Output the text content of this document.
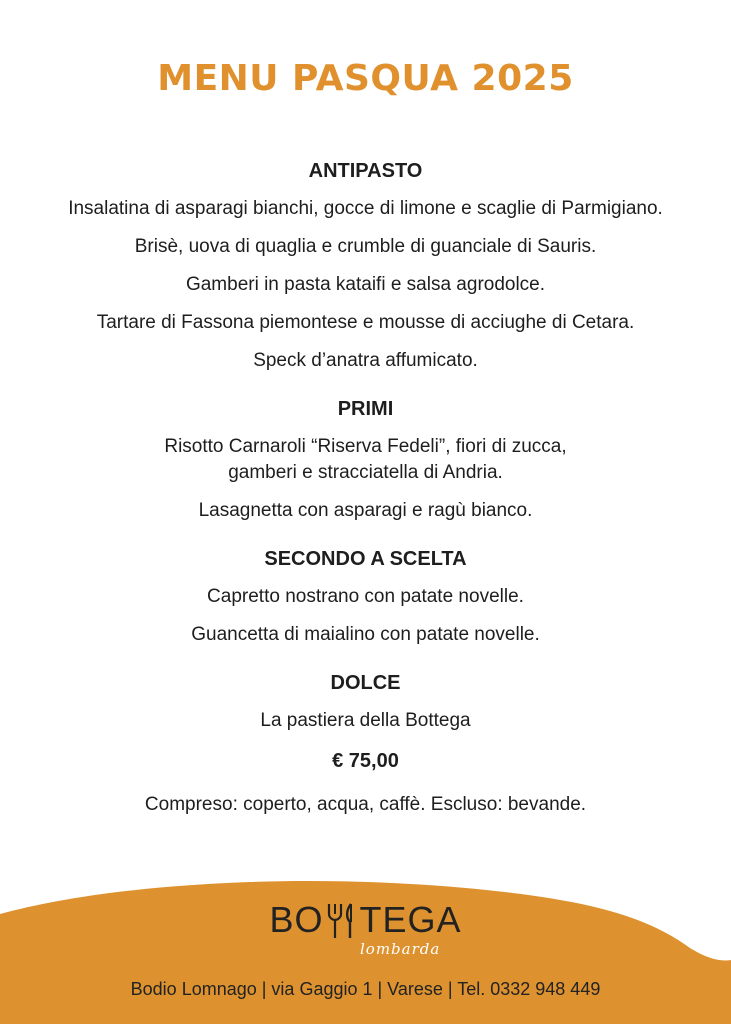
MENU PASQUA 2025
ANTIPASTO
Insalatina di asparagi bianchi, gocce di limone e scaglie di Parmigiano.
Brisè, uova di quaglia e crumble di guanciale di Sauris.
Gamberi in pasta kataifi e salsa agrodolce.
Tartare di Fassona piemontese e mousse di acciughe di Cetara.
Speck d’anatra affumicato.
PRIMI
Risotto Carnaroli “Riserva Fedeli”, fiori di zucca,
gamberi e stracciatella di Andria.
Lasagnetta con asparagi e ragù bianco.
SECONDO A SCELTA
Capretto nostrano con patate novelle.
Guancetta di maialino con patate novelle.
DOLCE
La pastiera della Bottega
€ 75,00
Compreso: coperto, acqua, caffè. Escluso: bevande.
BO TEGA
lombarda
Bodio Lomnago | via Gaggio 1 | Varese | Tel. 0332 948 449
